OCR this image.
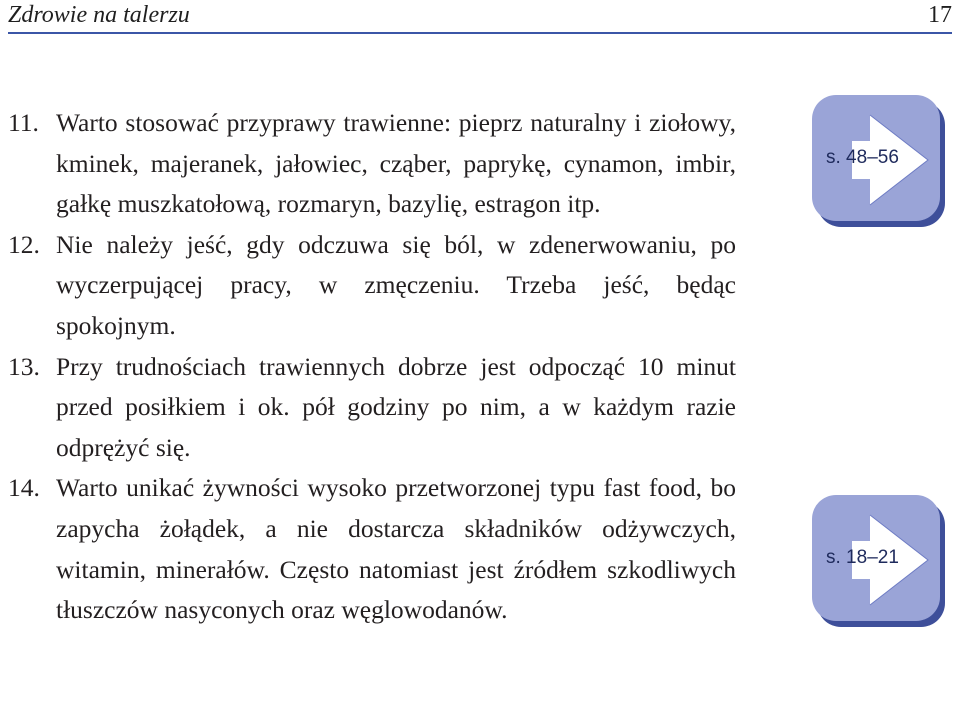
Zdrowie na talerzu	17
11. Warto stosować przyprawy trawienne: pieprz naturalny i ziołowy, kminek, majeranek, jałowiec, cząber, paprykę, cynamon, imbir, gałkę muszkatołową, rozmaryn, bazylię, estragon itp.
12. Nie należy jeść, gdy odczuwa się ból, w zdenerwowaniu, po wyczerpującej pracy, w zmęczeniu. Trzeba jeść, będąc spokojnym.
13. Przy trudnościach trawiennych dobrze jest odpocząć 10 minut przed posiłkiem i ok. pół godziny po nim, a w każdym razie odprężyć się.
14. Warto unikać żywności wysoko przetworzonej typu fast food, bo zapycha żołądek, a nie dostarcza składników odżywczych, witamin, minerałów. Często natomiast jest źródłem szkodliwych tłuszczów nasyconych oraz węglowodanów.
s. 48–56
s. 18–21
